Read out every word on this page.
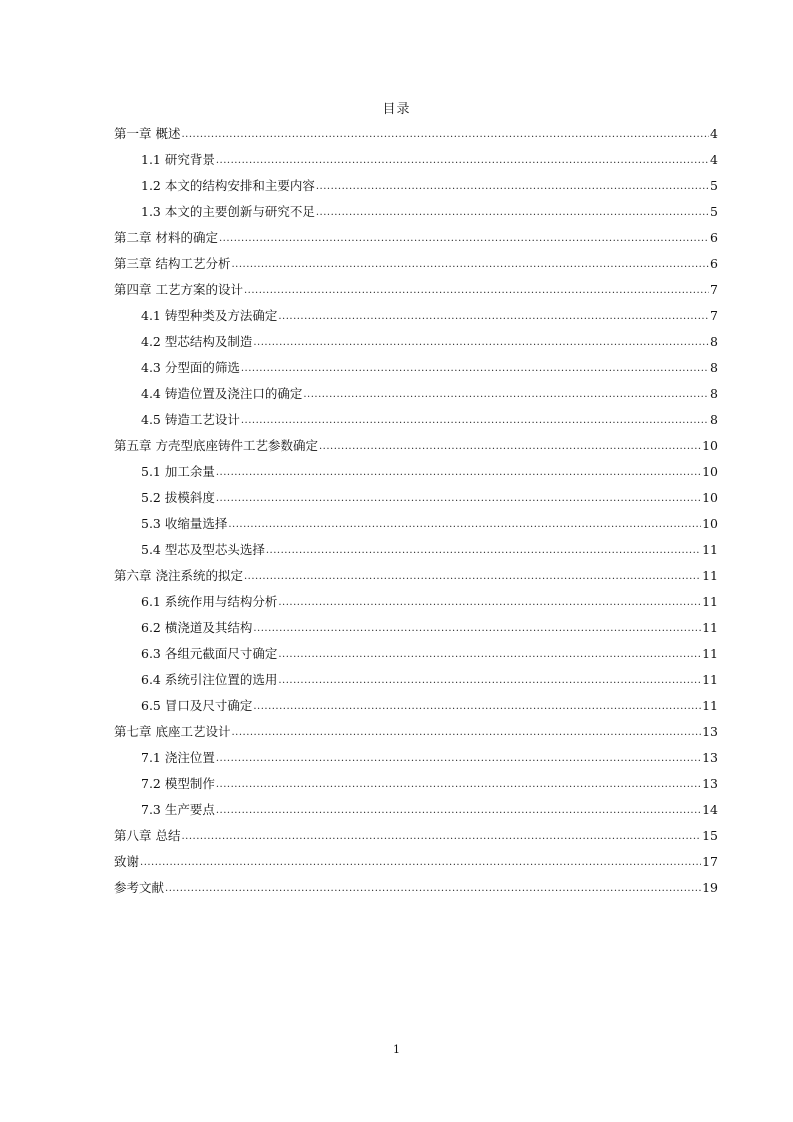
目录
第一章 概述 .....	4
1.1 研究背景 .....	4
1.2 本文的结构安排和主要内容 .....	5
1.3 本文的主要创新与研究不足 .....	5
第二章 材料的确定 .....	6
第三章 结构工艺分析 .....	6
第四章 工艺方案的设计 .....	7
4.1 铸型种类及方法确定 .....	7
4.2 型芯结构及制造 .....	8
4.3 分型面的筛选 .....	8
4.4 铸造位置及浇注口的确定 .....	8
4.5 铸造工艺设计 .....	8
第五章 方壳型底座铸件工艺参数确定 .....	10
5.1 加工余量 .....	10
5.2 拔模斜度 .....	10
5.3 收缩量选择 .....	10
5.4 型芯及型芯头选择 .....	11
第六章 浇注系统的拟定 .....	11
6.1 系统作用与结构分析 .....	11
6.2 横浇道及其结构 .....	11
6.3 各组元截面尺寸确定 .....	11
6.4 系统引注位置的选用 .....	11
6.5 冒口及尺寸确定 .....	11
第七章 底座工艺设计 .....	13
7.1 浇注位置 .....	13
7.2 模型制作 .....	13
7.3 生产要点 .....	14
第八章 总结 .....	15
致谢 .....	17
参考文献 .....	19
1
